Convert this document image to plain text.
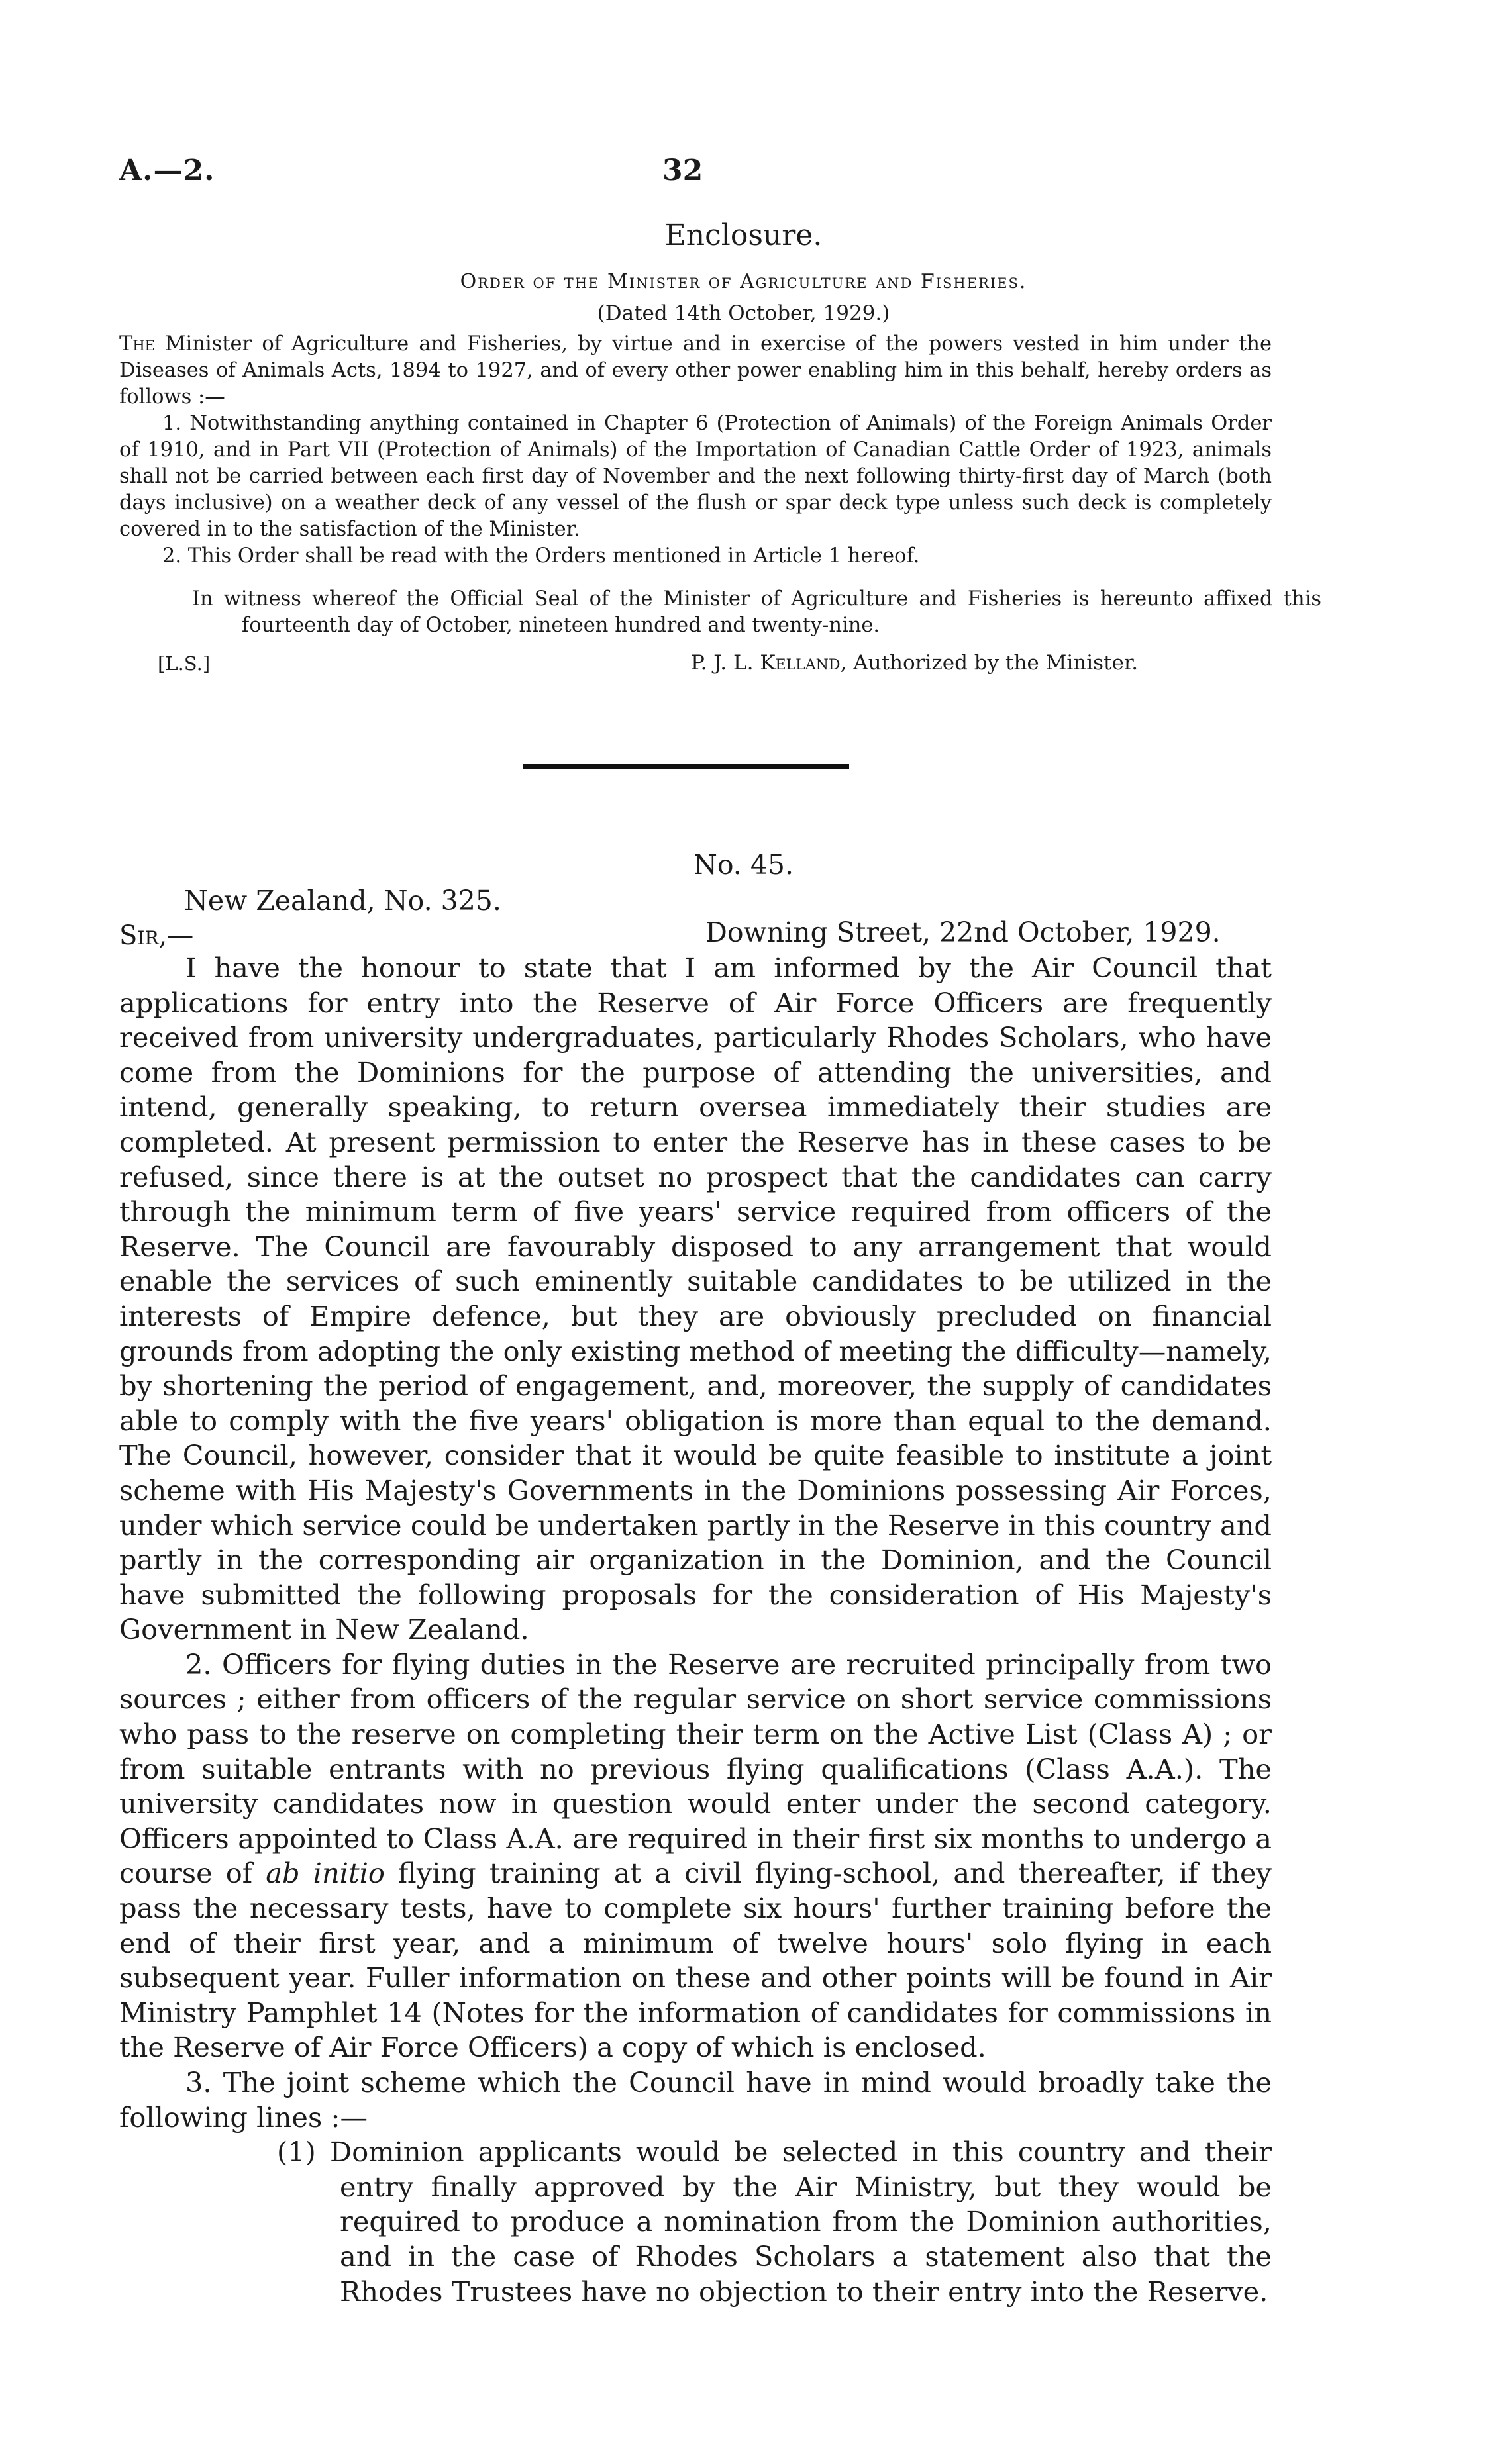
A.—2.	32
Enclosure.
Order of the Minister of Agriculture and Fisheries.
(Dated 14th October, 1929.)

The Minister of Agriculture and Fisheries, by virtue and in exercise of the powers vested in him under the Diseases of Animals Acts, 1894 to 1927, and of every other power enabling him in this behalf, hereby orders as follows :—

1. Notwithstanding anything contained in Chapter 6 (Protection of Animals) of the Foreign Animals Order of 1910, and in Part VII (Protection of Animals) of the Importation of Canadian Cattle Order of 1923, animals shall not be carried between each first day of November and the next following thirty-first day of March (both days inclusive) on a weather deck of any vessel of the flush or spar deck type unless such deck is completely covered in to the satisfaction of the Minister.

2. This Order shall be read with the Orders mentioned in Article 1 hereof.

In witness whereof the Official Seal of the Minister of Agriculture and Fisheries is hereunto affixed this fourteenth day of October, nineteen hundred and twenty-nine.
[L.S.]	P. J. L. Kelland, Authorized by the Minister.
No. 45.
New Zealand, No. 325.
Sir,—	Downing Street, 22nd October, 1929.

I have the honour to state that I am informed by the Air Council that applications for entry into the Reserve of Air Force Officers are frequently received from university undergraduates, particularly Rhodes Scholars, who have come from the Dominions for the purpose of attending the universities, and intend, generally speaking, to return oversea immediately their studies are completed. At present permission to enter the Reserve has in these cases to be refused, since there is at the outset no prospect that the candidates can carry through the minimum term of five years' service required from officers of the Reserve. The Council are favourably disposed to any arrangement that would enable the services of such eminently suitable candidates to be utilized in the interests of Empire defence, but they are obviously precluded on financial grounds from adopting the only existing method of meeting the difficulty—namely, by shortening the period of engagement, and, moreover, the supply of candidates able to comply with the five years' obligation is more than equal to the demand. The Council, however, consider that it would be quite feasible to institute a joint scheme with His Majesty's Governments in the Dominions possessing Air Forces, under which service could be undertaken partly in the Reserve in this country and partly in the corresponding air organization in the Dominion, and the Council have submitted the following proposals for the consideration of His Majesty's Government in New Zealand.

2. Officers for flying duties in the Reserve are recruited principally from two sources ; either from officers of the regular service on short service commissions who pass to the reserve on completing their term on the Active List (Class A) ; or from suitable entrants with no previous flying qualifications (Class A.A.). The university candidates now in question would enter under the second category. Officers appointed to Class A.A. are required in their first six months to undergo a course of ab initio flying training at a civil flying-school, and thereafter, if they pass the necessary tests, have to complete six hours' further training before the end of their first year, and a minimum of twelve hours' solo flying in each subsequent year. Fuller information on these and other points will be found in Air Ministry Pamphlet 14 (Notes for the information of candidates for commissions in the Reserve of Air Force Officers) a copy of which is enclosed.

3. The joint scheme which the Council have in mind would broadly take the following lines :—

(1) Dominion applicants would be selected in this country and their entry finally approved by the Air Ministry, but they would be required to produce a nomination from the Dominion authorities, and in the case of Rhodes Scholars a statement also that the Rhodes Trustees have no objection to their entry into the Reserve.
